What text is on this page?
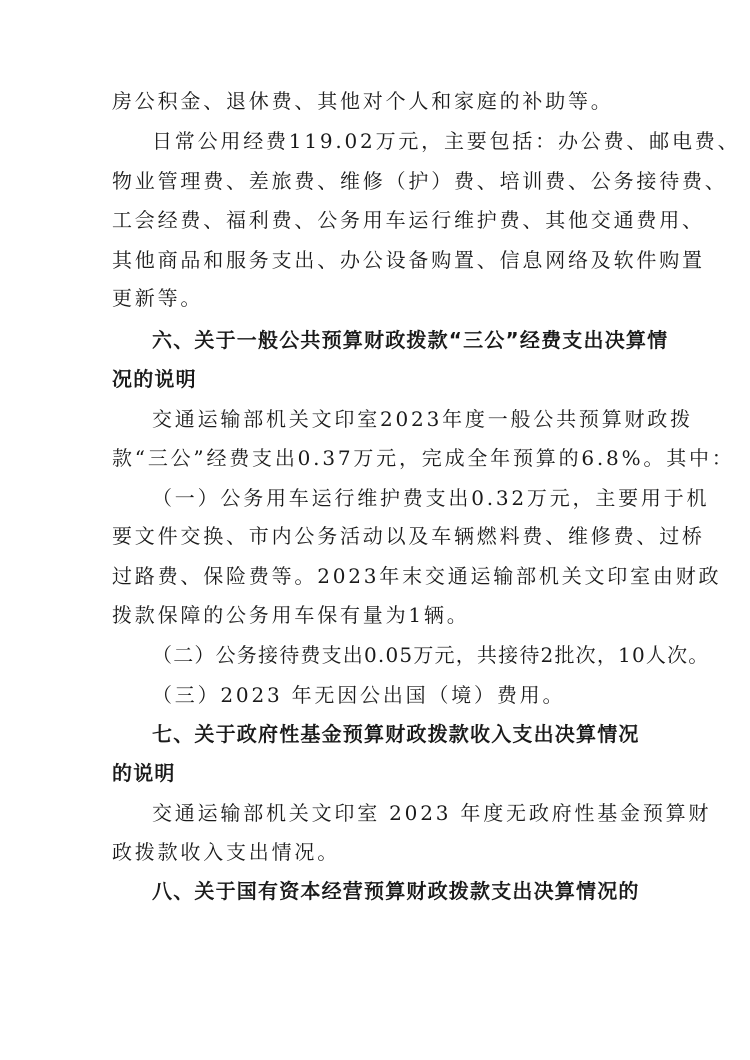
房公积金、退休费、其他对个人和家庭的补助等。
日常公用经费119.02万元，主要包括：办公费、邮电费、
物业管理费、差旅费、维修（护）费、培训费、公务接待费、
工会经费、福利费、公务用车运行维护费、其他交通费用、
其他商品和服务支出、办公设备购置、信息网络及软件购置
更新等。
六、关于一般公共预算财政拨款“三公”经费支出决算情
况的说明
交通运输部机关文印室2023年度一般公共预算财政拨
款“三公”经费支出0.37万元，完成全年预算的6.8%。其中：
（一）公务用车运行维护费支出0.32万元，主要用于机
要文件交换、市内公务活动以及车辆燃料费、维修费、过桥
过路费、保险费等。2023年末交通运输部机关文印室由财政
拨款保障的公务用车保有量为1辆。
（二）公务接待费支出0.05万元，共接待2批次，10人次。
（三）2023 年无因公出国（境）费用。
七、关于政府性基金预算财政拨款收入支出决算情况
的说明
交通运输部机关文印室 2023 年度无政府性基金预算财
政拨款收入支出情况。
八、关于国有资本经营预算财政拨款支出决算情况的
